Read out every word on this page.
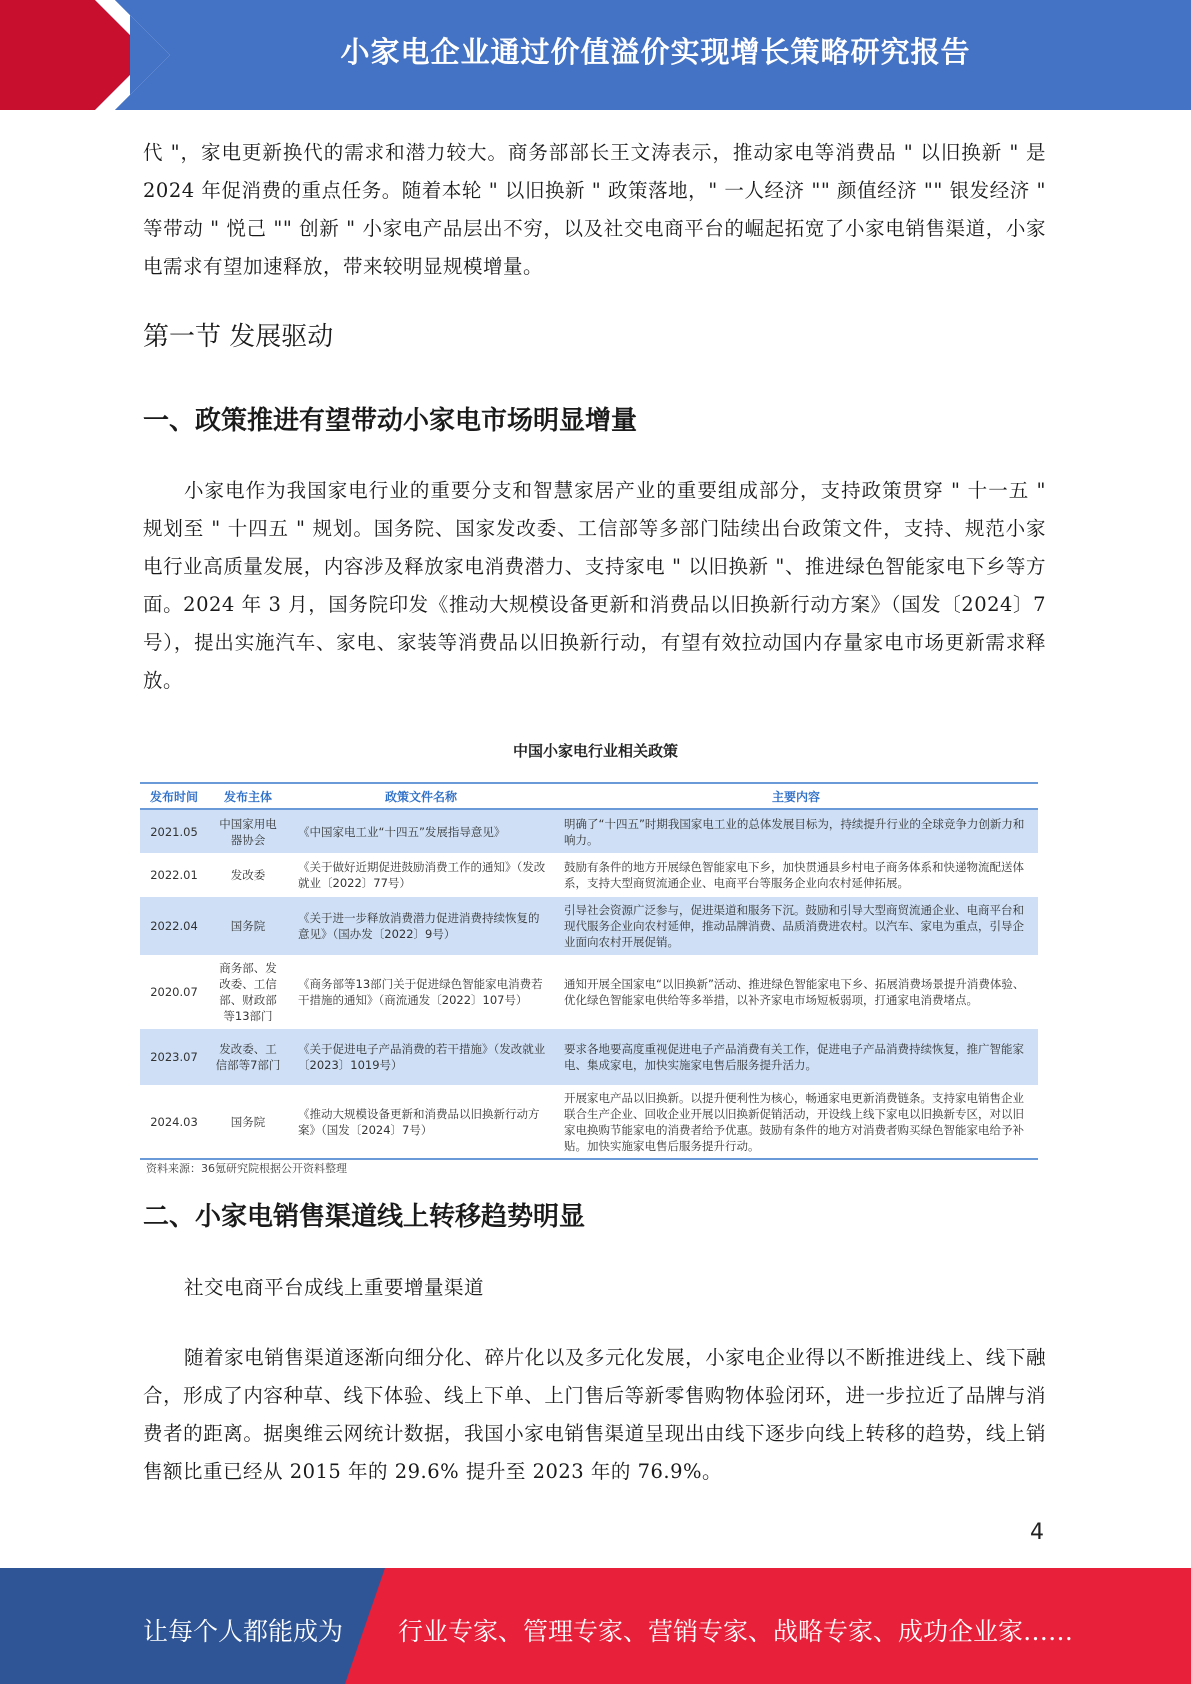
小家电企业通过价值溢价实现增长策略研究报告

代 "，家电更新换代的需求和潜力较大。商务部部长王文涛表示，推动家电等消费品 " 以旧换新 " 是 2024 年促消费的重点任务。随着本轮 " 以旧换新 " 政策落地，" 一人经济 "" 颜值经济 "" 银发经济 " 等带动 " 悦己 "" 创新 " 小家电产品层出不穷，以及社交电商平台的崛起拓宽了小家电销售渠道，小家电需求有望加速释放，带来较明显规模增量。

第一节 发展驱动
一、政策推进有望带动小家电市场明显增量

小家电作为我国家电行业的重要分支和智慧家居产业的重要组成部分，支持政策贯穿 " 十一五 " 规划至 " 十四五 " 规划。国务院、国家发改委、工信部等多部门陆续出台政策文件，支持、规范小家电行业高质量发展，内容涉及释放家电消费潜力、支持家电 " 以旧换新 "、推进绿色智能家电下乡等方面。2024 年 3 月，国务院印发《推动大规模设备更新和消费品以旧换新行动方案》（国发〔2024〕7 号），提出实施汽车、家电、家装等消费品以旧换新行动，有望有效拉动国内存量家电市场更新需求释放。

中国小家电行业相关政策
发布时间	发布主体	政策文件名称	主要内容
2021.05	中国家用电器协会	《中国家电工业“十四五”发展指导意见》	明确了“十四五”时期我国家电工业的总体发展目标为，持续提升行业的全球竞争力创新力和响力。
2022.01	发改委	《关于做好近期促进鼓励消费工作的通知》（发改就业〔2022〕77号）	鼓励有条件的地方开展绿色智能家电下乡，加快贯通县乡村电子商务体系和快递物流配送体系，支持大型商贸流通企业、电商平台等服务企业向农村延伸拓展。
2022.04	国务院	《关于进一步释放消费潜力促进消费持续恢复的意见》（国办发〔2022〕9号）	引导社会资源广泛参与，促进渠道和服务下沉。鼓励和引导大型商贸流通企业、电商平台和现代服务企业向农村延伸，推动品牌消费、品质消费进农村。以汽车、家电为重点，引导企业面向农村开展促销。
2020.07	商务部、发改委、工信部、财政部等13部门	《商务部等13部门关于促进绿色智能家电消费若干措施的通知》（商流通发〔2022〕107号）	通知开展全国家电“以旧换新”活动、推进绿色智能家电下乡、拓展消费场景提升消费体验、优化绿色智能家电供给等多举措，以补齐家电市场短板弱项，打通家电消费堵点。
2023.07	发改委、工信部等7部门	《关于促进电子产品消费的若干措施》（发改就业〔2023〕1019号）	要求各地要高度重视促进电子产品消费有关工作，促进电子产品消费持续恢复，推广智能家电、集成家电，加快实施家电售后服务提升活力。
2024.03	国务院	《推动大规模设备更新和消费品以旧换新行动方案》（国发〔2024〕7号）	开展家电产品以旧换新。以提升便利性为核心，畅通家电更新消费链条。支持家电销售企业联合生产企业、回收企业开展以旧换新促销活动，开设线上线下家电以旧换新专区，对以旧家电换购节能家电的消费者给予优惠。鼓励有条件的地方对消费者购买绿色智能家电给予补贴。加快实施家电售后服务提升行动。
资料来源：36氪研究院根据公开资料整理
二、小家电销售渠道线上转移趋势明显

社交电商平台成线上重要增量渠道

随着家电销售渠道逐渐向细分化、碎片化以及多元化发展，小家电企业得以不断推进线上、线下融合，形成了内容种草、线下体验、线上下单、上门售后等新零售购物体验闭环，进一步拉近了品牌与消费者的距离。据奥维云网统计数据，我国小家电销售渠道呈现出由线下逐步向线上转移的趋势，线上销售额比重已经从 2015 年的 29.6% 提升至 2023 年的 76.9%。

4
让每个人都能成为 行业专家、管理专家、营销专家、战略专家、成功企业家……
